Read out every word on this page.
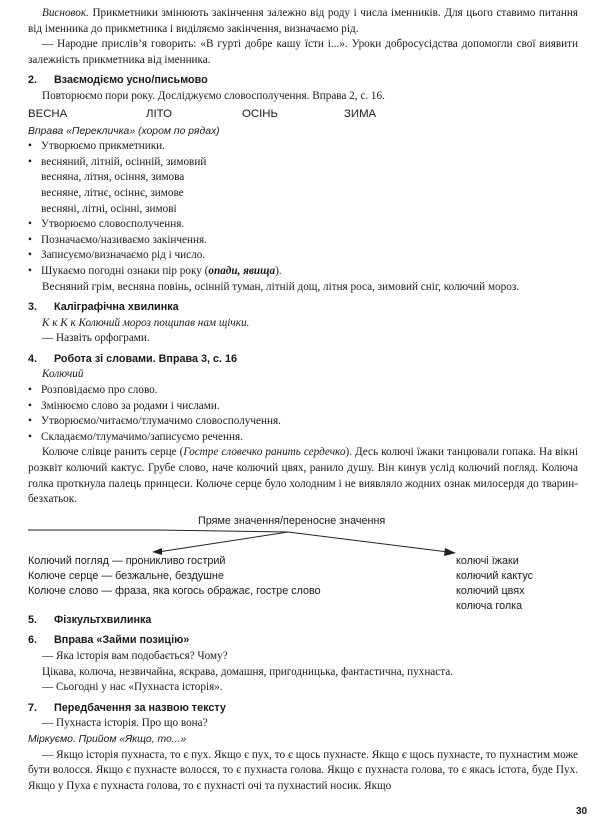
Висновок. Прикметники змінюють закінчення залежно від роду і числа іменників. Для цього ставимо питання від іменника до прикметника і виділяємо закінчення, визначаємо рід.

— Народне прислів’я говорить: «В гурті добре кашу їсти і...». Уроки добросусідства допомогли свої виявити залежність прикметника від іменника.

2. Взаємодіємо усно/письмово

Повторюємо пори року. Досліджуємо словосполучення. Вправа 2, с. 16.

ВЕСНА	ЛІТО	ОСІНЬ	ЗИМА

Вправа «Перекличка» (хором по рядах)

• Утворюємо прикметники.
• весняний, літній, осінній, зимовий

весняна, літня, осіння, зимова

весняне, літнє, осіннє, зимове

весняні, літні, осінні, зимові

• Утворюємо словосполучення.
• Позначаємо/називаємо закінчення.
• Записуємо/визначаємо рід і число.
• Шукаємо погодні ознаки пір року (опади, явища).

Весняний грім, весняна повінь, осінній туман, літній дощ, літня роса, зимовий сніг, колючий мороз.

3. Каліграфічна хвилинка

К к К к Колючий мороз пощипав нам щічки.

— Назвіть орфограми.

4. Робота зі словами. Вправа 3, с. 16

Колючий

• Розповідаємо про слово.
• Змінюємо слово за родами і числами.
• Утворюємо/читаємо/тлумачимо словосполучення.
• Складаємо/тлумачимо/записуємо речення.

Колюче слівце ранить серце (Гостре словечко ранить сердечко). Десь колючі їжаки танцювали гопака. На вікні розквіт колючий кактус. Грубе слово, наче колючий цвях, ранило душу. Він кинув услід колючий погляд. Колюча голка проткнула палець принцеси. Колюче серце було холодним і не виявляло жодних ознак милосердя до тварин-безхатьок.

Пряме значення/переносне значення

Колючий погляд — проникливо гострий

Колюче серце — безжальне, бездушне

Колюче слово — фраза, яка когось ображає, гостре слово

колючі їжаки

колючий кактус

колючий цвях

колюча голка

5. Фізкультхвилинка
6. Вправа «Займи позицію»

— Яка історія вам подобається? Чому?

Цікава, колюча, незвичайна, яскрава, домашня, пригодницька, фантастична, пухнаста.

— Сьогодні у нас «Пухнаста історія».

7. Передбачення за назвою тексту

— Пухнаста історія. Про що вона?

Міркуємо. Прийом «Якщо, то...»

–– Якщо історія пухнаста, то є пух. Якщо є пух, то є щось пухнасте. Якщо є щось пухнасте, то пухнастим може бути волосся. Якщо є пухнасте волосся, то є пухнаста голова. Якщо є пухнаста голова, то є якась істота, буде Пух. Якщо у Пуха є пухнаста голова, то є пухнасті очі та пухнастий носик. Якщо

30
